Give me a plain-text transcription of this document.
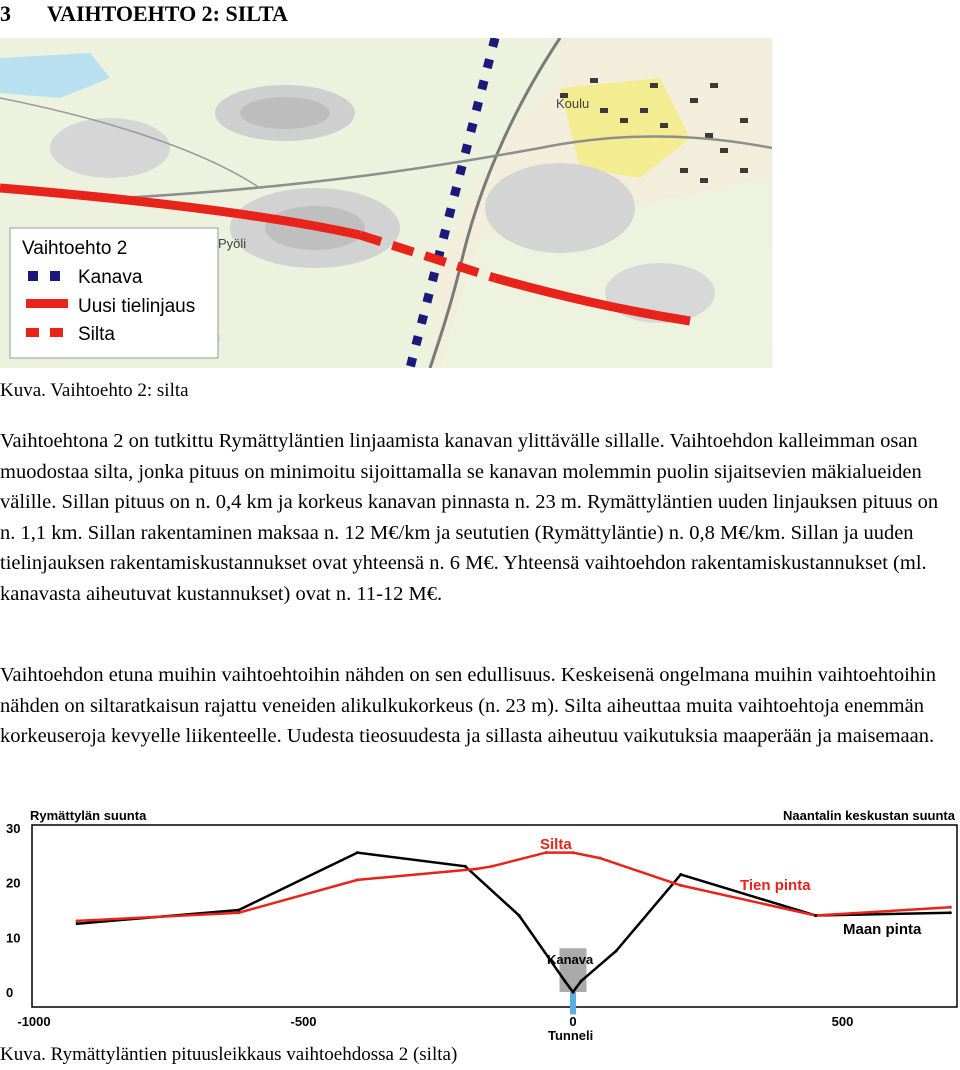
3 VAIHTOEHTO 2: SILTA
Koulu
Pyöli
Vaihtoehto 2
Kanava
Uusi tielinjaus
Silta
Kuva. Vaihtoehto 2: silta

Vaihtoehtona 2 on tutkittu Rymättyläntien linjaamista kanavan ylittävälle sillalle. Vaihtoehdon kalleimman osan muodostaa silta, jonka pituus on minimoitu sijoittamalla se kanavan molemmin puolin sijaitsevien mäkialueiden välille. Sillan pituus on n. 0,4 km ja korkeus kanavan pinnasta n. 23 m. Rymättyläntien uuden linjauksen pituus on n. 1,1 km. Sillan rakentaminen maksaa n. 12 M€/km ja seututien (Rymättyläntie) n. 0,8 M€/km. Sillan ja uuden tielinjauksen rakentamiskustannukset ovat yhteensä n. 6 M€. Yhteensä vaihtoehdon rakentamiskustannukset (ml. kanavasta aiheutuvat kustannukset) ovat n. 11-12 M€.

Vaihtoehdon etuna muihin vaihtoehtoihin nähden on sen edullisuus. Keskeisenä ongelmana muihin vaihtoehtoihin nähden on siltaratkaisun rajattu veneiden alikulkukorkeus (n. 23 m). Silta aiheuttaa muita vaihtoehtoja enemmän korkeuseroja kevyelle liikenteelle. Uudesta tieosuudesta ja sillasta aiheutuu vaikutuksia maaperään ja maisemaan.

0
10
20
30
-1000	-500	0	500
Rymättylän suunta	Naantalin keskustan suunta
Silta
Tien pinta
Maan pinta
Kanava
Tunneli
Kuva. Rymättyläntien pituusleikkaus vaihtoehdossa 2 (silta)
